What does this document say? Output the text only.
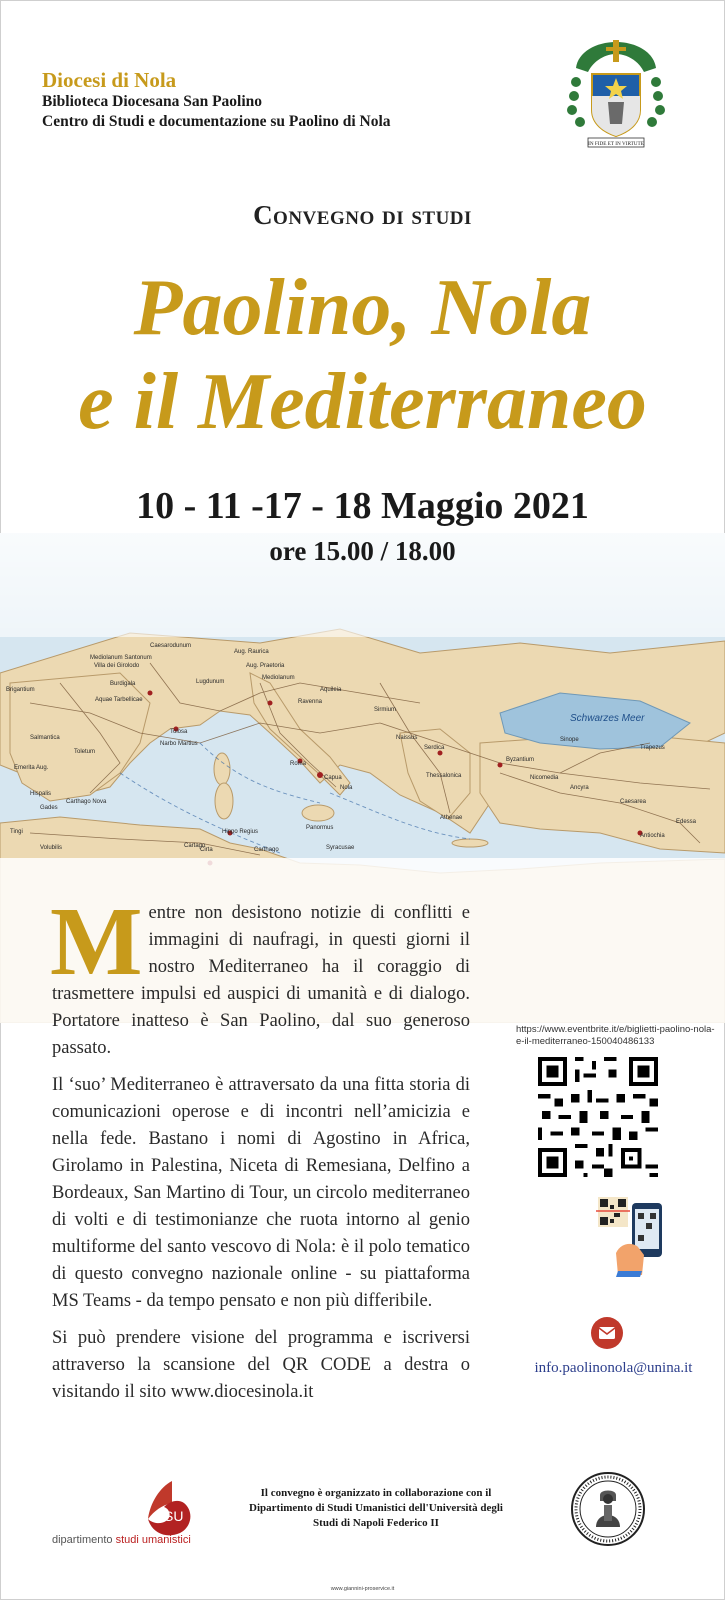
Diocesi di Nola
Biblioteca Diocesana San Paolino
Centro di Studi e documentazione su Paolino di Nola
IN FIDE ET IN VIRTUTE
Convegno di studi
Paolino, Nola
e il Mediterraneo
10 - 11 -17 - 18 Maggio 2021
Mediolanum Santonum
Villa dei Girolodo
Burdigala
Aquae Tarbellicae
Tolosa
Narbo Martius
Caesarodunum
Lugdunum
Aug. Raurica
Aug. Praetoria
Mediolanum
Aquileia
Ravenna
Roma
Capua
Nola
Sirmium
Naissus
Serdica
Thessalonica
Byzantium
Nicomedia
Ancyra
Caesarea
Antiochia
Carthago Nova
Hispalis
Gades
Toletum
Emerita Aug.
Salmantica
Cirta
Hippo Regius
Carthago
Panormus
Syracusae
Athenae
Sinope
Trapezus
Edessa
Brigantium
Cartago
Volubilis
Tingi
Schwarzes Meer
ore 15.00 / 18.00

Mentre non desistono notizie di conflitti e immagini di naufragi, in questi giorni il nostro Mediterraneo ha il coraggio di trasmettere impulsi ed auspici di umanità e di dialogo. Portatore inatteso è San Paolino, dal suo generoso passato.

Il ‘suo’ Mediterraneo è attraversato da una fitta storia di comunicazioni operose e di incontri nell’amicizia e nella fede. Bastano i nomi di Agostino in Africa, Girolamo in Palestina, Niceta di Remesiana, Delfino a Bordeaux, San Martino di Tour, un circolo mediterraneo di volti e di testimonianze che ruota intorno al genio multiforme del santo vescovo di Nola: è il polo tematico di questo convegno nazionale online - su piattaforma MS Teams - da tempo pensato e non più differibile.

Si può prendere visione del programma e iscriversi attraverso la scansione del QR CODE a destra o visitando il sito www.diocesinola.it

https://www.eventbrite.it/e/biglietti-paolino-nola-e-il-mediterraneo-150040486133
info.paolinonola@unina.it
SU
dipartimento studi umanistici
Il convegno è organizzato in collaborazione con il Dipartimento di Studi Umanistici dell'Università degli Studi di Napoli Federico II
www.giannini-proservice.it
